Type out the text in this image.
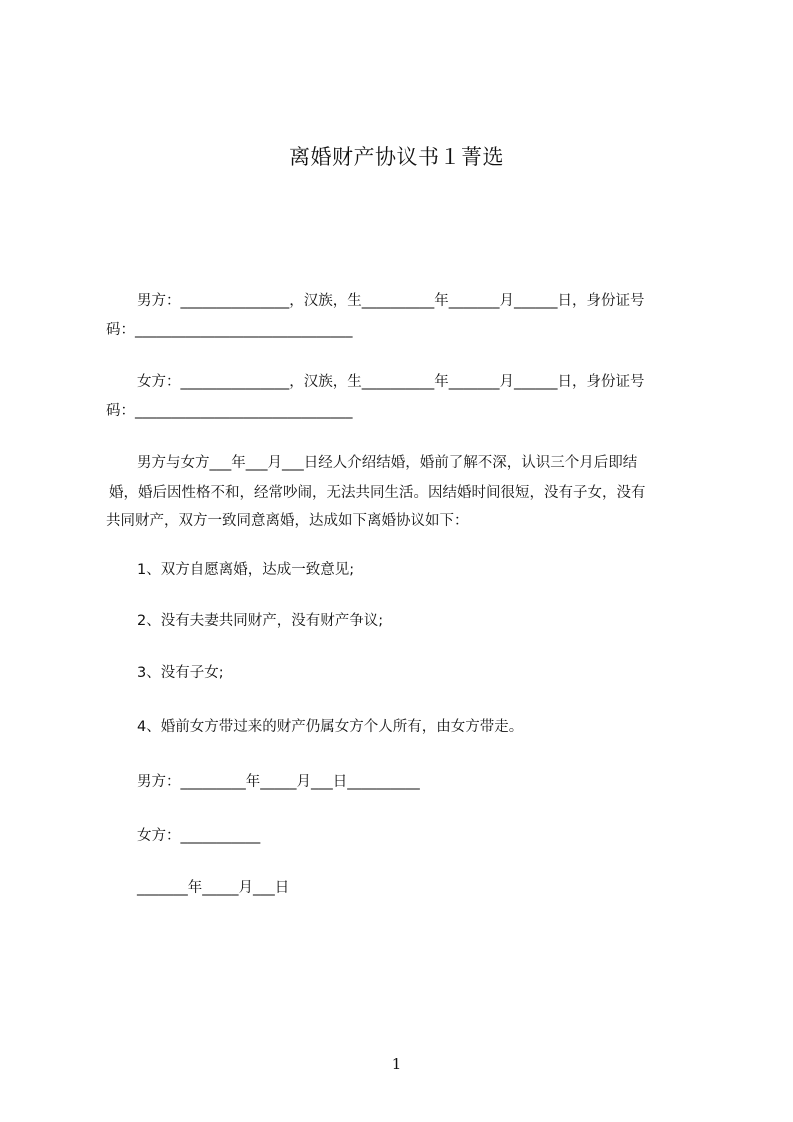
离婚财产协议书１菁选
男方：_______________，汉族，生__________年_______月______日，身份证号
码：______________________________
女方：_______________，汉族，生__________年_______月______日，身份证号
码：______________________________
男方与女方___年___月___日经人介绍结婚，婚前了解不深，认识三个月后即结
婚，婚后因性格不和，经常吵闹，无法共同生活。因结婚时间很短，没有子女，没有
共同财产，双方一致同意离婚，达成如下离婚协议如下：
1、双方自愿离婚，达成一致意见;
2、没有夫妻共同财产，没有财产争议;
3、没有子女;
4、婚前女方带过来的财产仍属女方个人所有，由女方带走。
男方：_________年_____月___日__________
女方：___________
_______年_____月___日
1
